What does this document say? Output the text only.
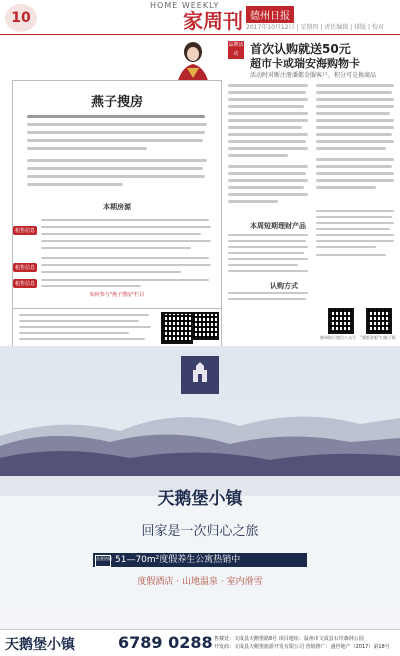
10
HOME WEEKLY
家周刊 德州日报
2017年10月12日 | 星期四 | 责任编辑 | 排版 | 校对
燕子搜房
本期房源
租售信息
租售信息
租售信息
如何参与"燕子搜房"栏目
品牌活动 首次认购就送50元
超市卡或瑞安海购物卡
活动时对断注册潘都金服客户，积分可兑换商品
本周短期理财产品
认购方式
德州银行微信公众号 "潘都金服"扫描下载
天鹅堡小镇
回家是一次归心之旅
品鉴热销 51—70m²度假养生公寓热销中
度假酒店 · 山地温泉 · 室内滑雪
天鹅堡小镇	6789 0288 售楼处：文成县天鹅堡路8号 项目地址：温州市文成县石垟森林公园
开发商：文成县天鹅堡旅游开发有限公司 营销推广：盛世地产（2017）第18号
